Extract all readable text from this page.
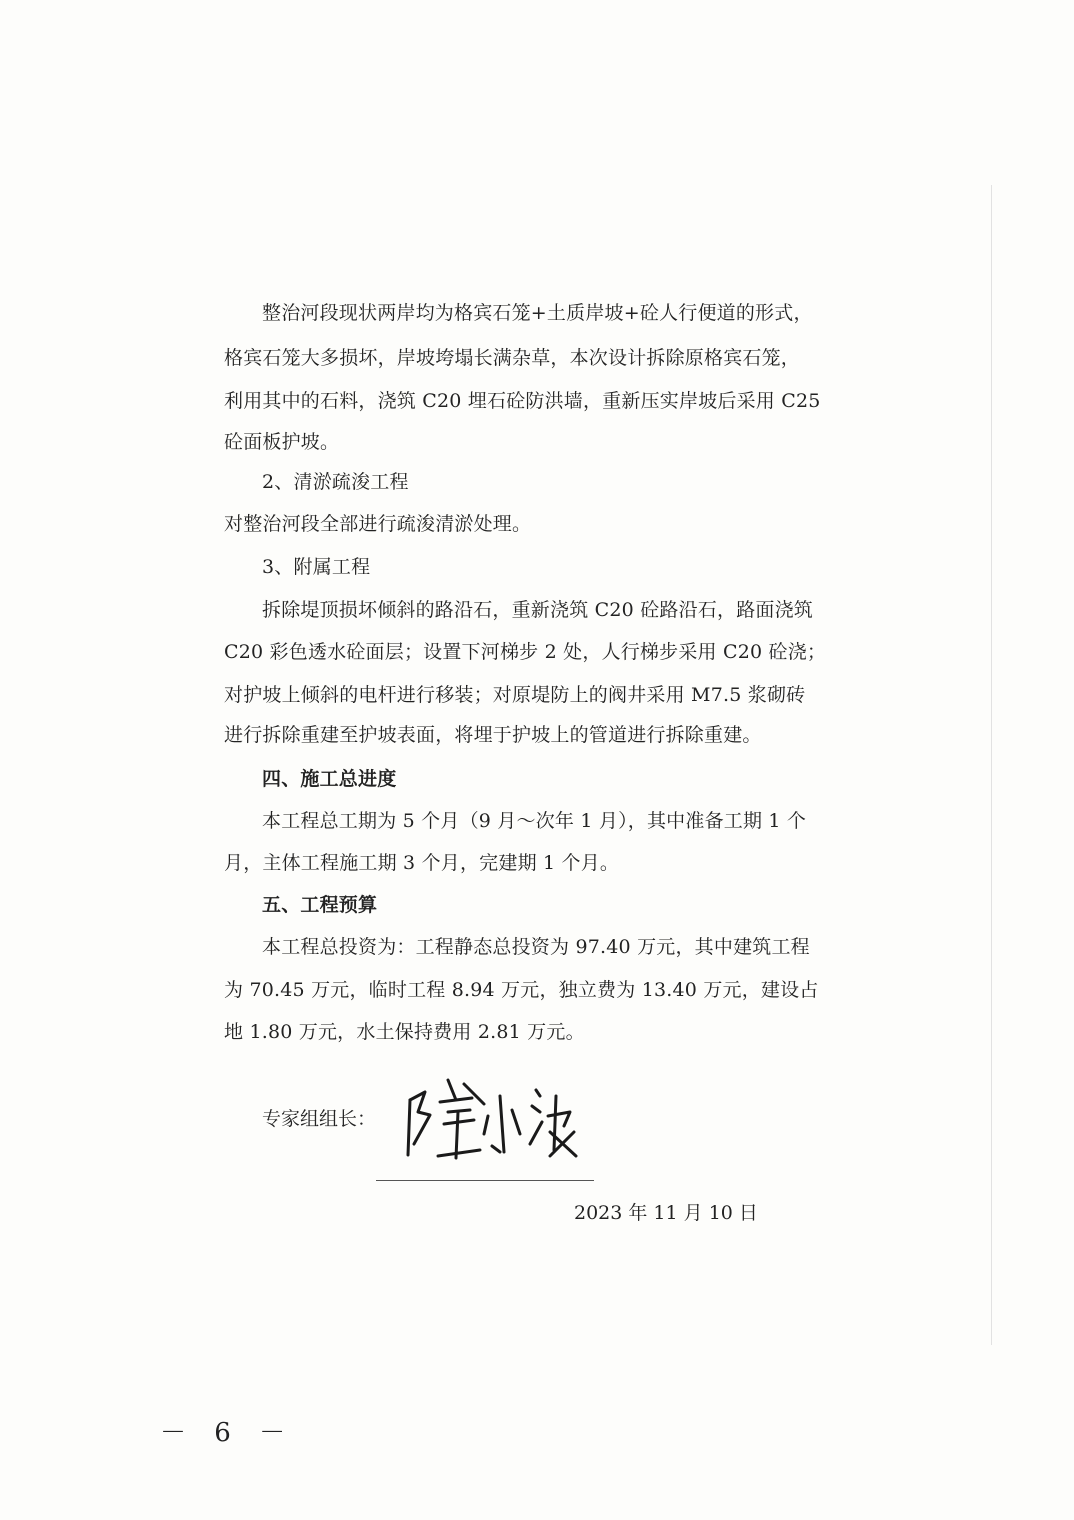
整治河段现状两岸均为格宾石笼+土质岸坡+砼人行便道的形式，
格宾石笼大多损坏，岸坡垮塌长满杂草，本次设计拆除原格宾石笼，
利用其中的石料，浇筑 C20 埋石砼防洪墙，重新压实岸坡后采用 C25
砼面板护坡。
2、清淤疏浚工程
对整治河段全部进行疏浚清淤处理。
3、附属工程
拆除堤顶损坏倾斜的路沿石，重新浇筑 C20 砼路沿石，路面浇筑
C20 彩色透水砼面层；设置下河梯步 2 处，人行梯步采用 C20 砼浇；
对护坡上倾斜的电杆进行移装；对原堤防上的阀井采用 M7.5 浆砌砖
进行拆除重建至护坡表面，将埋于护坡上的管道进行拆除重建。
四、施工总进度
本工程总工期为 5 个月（9 月～次年 1 月），其中准备工期 1 个
月，主体工程施工期 3 个月，完建期 1 个月。
五、工程预算
本工程总投资为：工程静态总投资为 97.40 万元，其中建筑工程
为 70.45 万元，临时工程 8.94 万元，独立费为 13.40 万元，建设占
地 1.80 万元，水土保持费用 2.81 万元。
专家组组长：
2023 年 11 月 10 日
－ 6 －
